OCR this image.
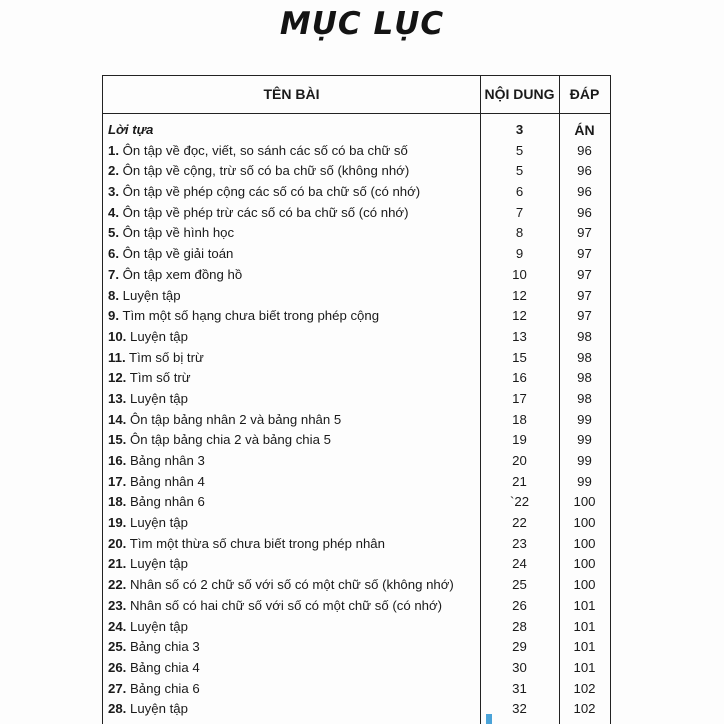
MỤC LỤC
TÊN BÀI	NỘI DUNG	ĐÁP ÁN
Lời tựa	3
1. Ôn tập về đọc, viết, so sánh các số có ba chữ số	5	96
2. Ôn tập về cộng, trừ số có ba chữ số (không nhớ)	5	96
3. Ôn tập về phép cộng các số có ba chữ số (có nhớ)	6	96
4. Ôn tập về phép trừ các số có ba chữ số (có nhớ)	7	96
5. Ôn tập về hình học	8	97
6. Ôn tập về giải toán	9	97
7. Ôn tập xem đồng hồ	10	97
8. Luyện tập	12	97
9. Tìm một số hạng chưa biết trong phép cộng	12	97
10. Luyện tập	13	98
11. Tìm số bị trừ	15	98
12. Tìm số trừ	16	98
13. Luyện tập	17	98
14. Ôn tập bảng nhân 2 và bảng nhân 5	18	99
15. Ôn tập bảng chia 2 và bảng chia 5	19	99
16. Bảng nhân 3	20	99
17. Bảng nhân 4	21	99
18. Bảng nhân 6	`22	100
19. Luyện tập	22	100
20. Tìm một thừa số chưa biết trong phép nhân	23	100
21. Luyện tập	24	100
22. Nhân số có 2 chữ số với số có một chữ số (không nhớ)	25	100
23. Nhân số có hai chữ số với số có một chữ số (có nhớ)	26	101
24. Luyện tập	28	101
25. Bảng chia 3	29	101
26. Bảng chia 4	30	101
27. Bảng chia 6	31	102
28. Luyện tập	32	102
